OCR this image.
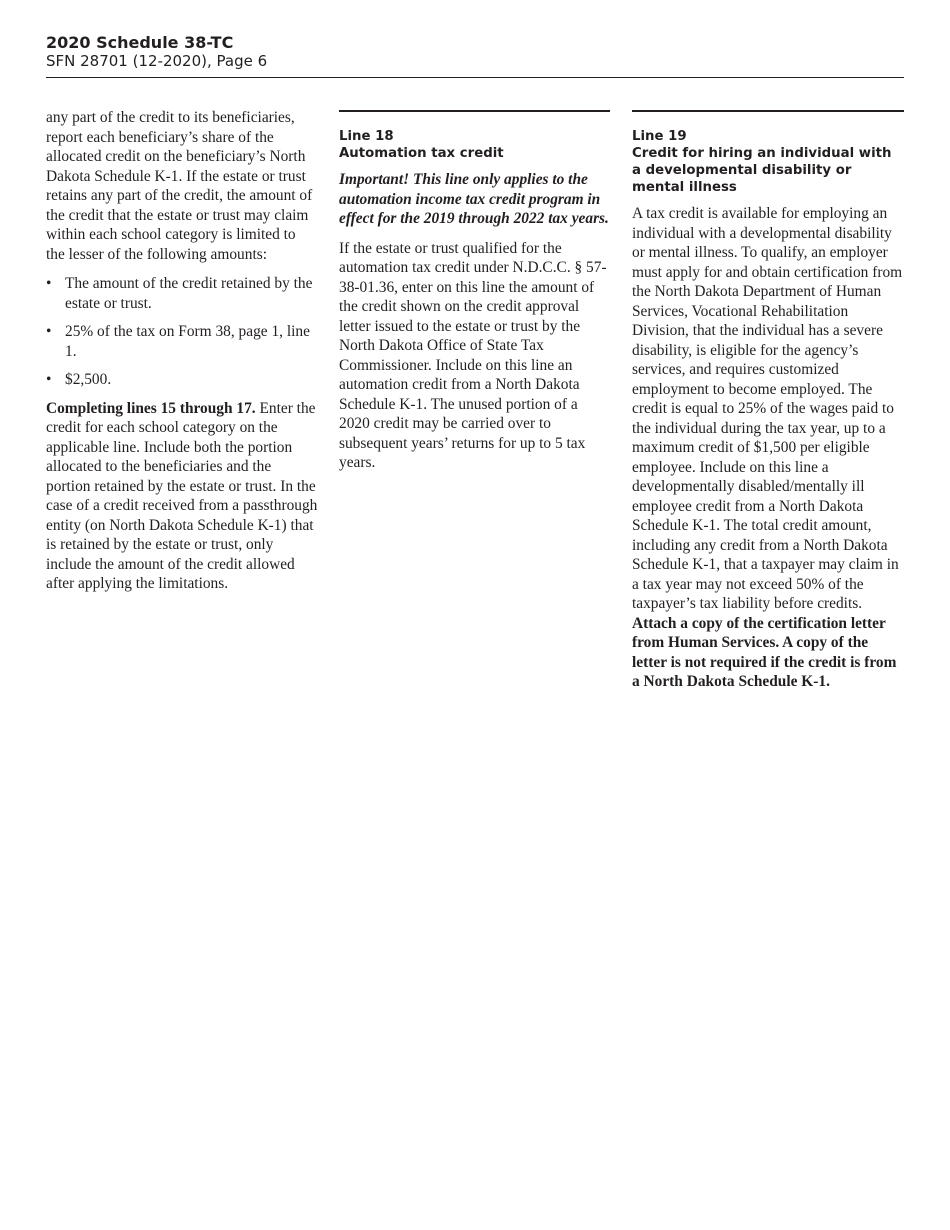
2020 Schedule 38-TC
SFN 28701 (12-2020), Page 6

any part of the credit to its beneficiaries, report each beneficiary’s share of the allocated credit on the beneficiary’s North Dakota Schedule K-1. If the estate or trust retains any part of the credit, the amount of the credit that the estate or trust may claim within each school category is limited to the lesser of the following amounts:

• The amount of the credit retained by the estate or trust.
• 25% of the tax on Form 38, page 1, line 1.
• $2,500.

Completing lines 15 through 17. Enter the credit for each school category on the applicable line. Include both the portion allocated to the beneficiaries and the portion retained by the estate or trust. In the case of a credit received from a passthrough entity (on North Dakota Schedule K-1) that is retained by the estate or trust, only include the amount of the credit allowed after applying the limitations.

Line 18
Automation tax credit

Important! This line only applies to the automation income tax credit program in effect for the 2019 through 2022 tax years.

If the estate or trust qualified for the automation tax credit under N.D.C.C. § 57-38-01.36, enter on this line the amount of the credit shown on the credit approval letter issued to the estate or trust by the North Dakota Office of State Tax Commissioner. Include on this line an automation credit from a North Dakota Schedule K-1. The unused portion of a 2020 credit may be carried over to subsequent years’ returns for up to 5 tax years.

Line 19
Credit for hiring an individual with a developmental disability or mental illness

A tax credit is available for employing an individual with a developmental disability or mental illness. To qualify, an employer must apply for and obtain certification from the North Dakota Department of Human Services, Vocational Rehabilitation Division, that the individual has a severe disability, is eligible for the agency’s services, and requires customized employment to become employed. The credit is equal to 25% of the wages paid to the individual during the tax year, up to a maximum credit of $1,500 per eligible employee. Include on this line a developmentally disabled/mentally ill employee credit from a North Dakota Schedule K-1. The total credit amount, including any credit from a North Dakota Schedule K-1, that a taxpayer may claim in a tax year may not exceed 50% of the taxpayer’s tax liability before credits. Attach a copy of the certification letter from Human Services. A copy of the letter is not required if the credit is from a North Dakota Schedule K-1.
